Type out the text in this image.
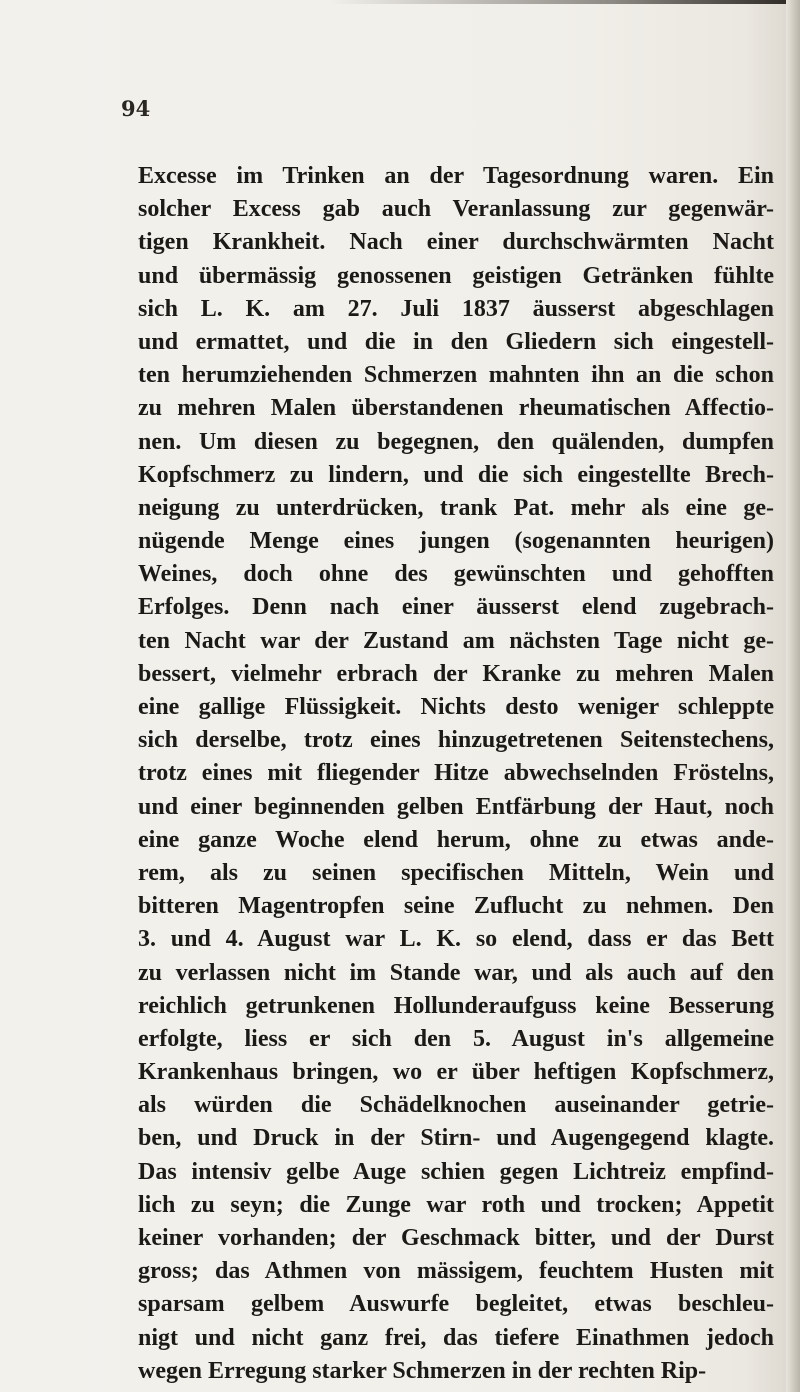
94

Excesse im Trinken an der Tagesordnung waren. Ein
solcher Excess gab auch Veranlassung zur gegenwär-
tigen Krankheit. Nach einer durchschwärmten Nacht
und übermässig genossenen geistigen Getränken fühlte
sich L. K. am 27. Juli 1837 äusserst abgeschlagen
und ermattet, und die in den Gliedern sich eingestell-
ten herumziehenden Schmerzen mahnten ihn an die schon
zu mehren Malen überstandenen rheumatischen Affectio-
nen. Um diesen zu begegnen, den quälenden, dumpfen
Kopfschmerz zu lindern, und die sich eingestellte Brech-
neigung zu unterdrücken, trank Pat. mehr als eine ge-
nügende Menge eines jungen (sogenannten heurigen)
Weines, doch ohne des gewünschten und gehofften
Erfolges. Denn nach einer äusserst elend zugebrach-
ten Nacht war der Zustand am nächsten Tage nicht ge-
bessert, vielmehr erbrach der Kranke zu mehren Malen
eine gallige Flüssigkeit. Nichts desto weniger schleppte
sich derselbe, trotz eines hinzugetretenen Seitenstechens,
trotz eines mit fliegender Hitze abwechselnden Fröstelns,
und einer beginnenden gelben Entfärbung der Haut, noch
eine ganze Woche elend herum, ohne zu etwas ande-
rem, als zu seinen specifischen Mitteln, Wein und
bitteren Magentropfen seine Zuflucht zu nehmen. Den
3. und 4. August war L. K. so elend, dass er das Bett
zu verlassen nicht im Stande war, und als auch auf den
reichlich getrunkenen Hollunderaufguss keine Besserung
erfolgte, liess er sich den 5. August in's allgemeine
Krankenhaus bringen, wo er über heftigen Kopfschmerz,
als würden die Schädelknochen auseinander getrie-
ben, und Druck in der Stirn- und Augengegend klagte.
Das intensiv gelbe Auge schien gegen Lichtreiz empfind-
lich zu seyn; die Zunge war roth und trocken; Appetit
keiner vorhanden; der Geschmack bitter, und der Durst
gross; das Athmen von mässigem, feuchtem Husten mit
sparsam gelbem Auswurfe begleitet, etwas beschleu-
nigt und nicht ganz frei, das tiefere Einathmen jedoch
wegen Erregung starker Schmerzen in der rechten Rip-
